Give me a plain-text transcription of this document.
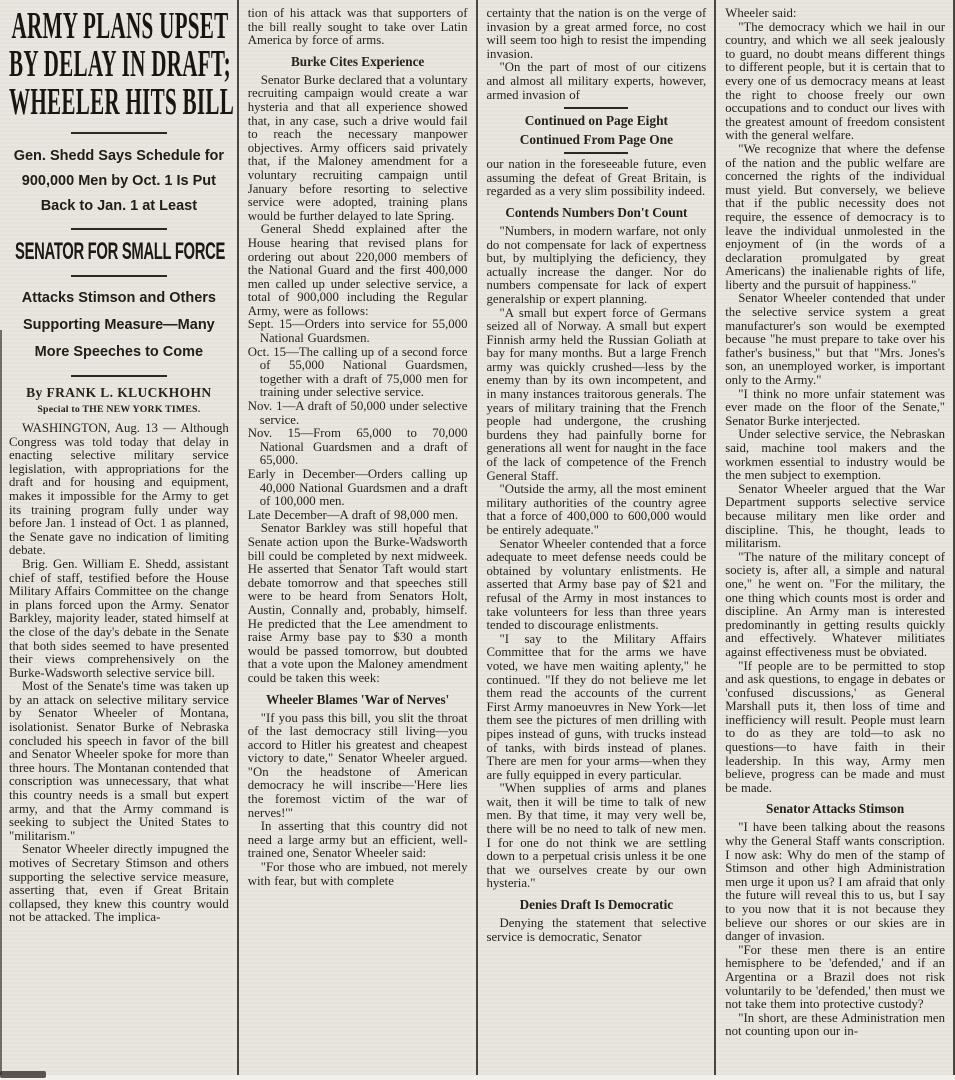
ARMY PLANS UPSET
BY DELAY IN DRAFT;
WHEELER HITS BILL
Gen. Shedd Says Schedule for 900,000 Men by Oct. 1 Is Put Back to Jan. 1 at Least
SENATOR FOR SMALL FORCE
Attacks Stimson and Others Supporting Measure—Many More Speeches to Come
By FRANK L. KLUCKHOHN
Special to THE NEW YORK TIMES.

WASHINGTON, Aug. 13 — Although Congress was told today that delay in enacting selective military service legislation, with appropriations for the draft and for housing and equipment, makes it impossible for the Army to get its training program fully under way before Jan. 1 instead of Oct. 1 as planned, the Senate gave no indication of limiting debate.

Brig. Gen. William E. Shedd, assistant chief of staff, testified before the House Military Affairs Committee on the change in plans forced upon the Army. Senator Barkley, majority leader, stated himself at the close of the day's debate in the Senate that both sides seemed to have presented their views comprehensively on the Burke-Wadsworth selective service bill.

Most of the Senate's time was taken up by an attack on selective military service by Senator Wheeler of Montana, isolationist. Senator Burke of Nebraska concluded his speech in favor of the bill and Senator Wheeler spoke for more than three hours. The Montanan contended that conscription was unnecessary, that what this country needs is a small but expert army, and that the Army command is seeking to subject the United States to "militarism."

Senator Wheeler directly impugned the motives of Secretary Stimson and others supporting the selective service measure, asserting that, even if Great Britain collapsed, they knew this country would not be attacked. The implica-

tion of his attack was that supporters of the bill really sought to take over Latin America by force of arms.

Burke Cites Experience

Senator Burke declared that a voluntary recruiting campaign would create a war hysteria and that all experience showed that, in any case, such a drive would fail to reach the necessary manpower objectives. Army officers said privately that, if the Maloney amendment for a voluntary recruiting campaign until January before resorting to selective service were adopted, training plans would be further delayed to late Spring.

General Shedd explained after the House hearing that revised plans for ordering out about 220,000 members of the National Guard and the first 400,000 men called up under selective service, a total of 900,000 including the Regular Army, were as follows:

Sept. 15—Orders into service for 55,000 National Guardsmen.

Oct. 15—The calling up of a second force of 55,000 National Guardsmen, together with a draft of 75,000 men for training under selective service.

Nov. 1—A draft of 50,000 under selective service.

Nov. 15—From 65,000 to 70,000 National Guardsmen and a draft of 65,000.

Early in December—Orders calling up 40,000 National Guardsmen and a draft of 100,000 men.

Late December—A draft of 98,000 men.

Senator Barkley was still hopeful that Senate action upon the Burke-Wadsworth bill could be completed by next midweek. He asserted that Senator Taft would start debate tomorrow and that speeches still were to be heard from Senators Holt, Austin, Connally and, probably, himself. He predicted that the Lee amendment to raise Army base pay to $30 a month would be passed tomorrow, but doubted that a vote upon the Maloney amendment could be taken this week:

Wheeler Blames 'War of Nerves'

"If you pass this bill, you slit the throat of the last democracy still living—you accord to Hitler his greatest and cheapest victory to date," Senator Wheeler argued. "On the headstone of American democracy he will inscribe—'Here lies the foremost victim of the war of nerves!'"

In asserting that this country did not need a large army but an efficient, well-trained one, Senator Wheeler said:

"For those who are imbued, not merely with fear, but with complete

certainty that the nation is on the verge of invasion by a great armed force, no cost will seem too high to resist the impending invasion.

"On the part of most of our citizens and almost all military experts, however, armed invasion of

Continued on Page Eight
Continued From Page One

our nation in the foreseeable future, even assuming the defeat of Great Britain, is regarded as a very slim possibility indeed.

Contends Numbers Don't Count

"Numbers, in modern warfare, not only do not compensate for lack of expertness but, by multiplying the deficiency, they actually increase the danger. Nor do numbers compensate for lack of expert generalship or expert planning.

"A small but expert force of Germans seized all of Norway. A small but expert Finnish army held the Russian Goliath at bay for many months. But a large French army was quickly crushed—less by the enemy than by its own incompetent, and in many instances traitorous generals. The years of military training that the French people had undergone, the crushing burdens they had painfully borne for generations all went for naught in the face of the lack of competence of the French General Staff.

"Outside the army, all the most eminent military authorities of the country agree that a force of 400,000 to 600,000 would be entirely adequate."

Senator Wheeler contended that a force adequate to meet defense needs could be obtained by voluntary enlistments. He asserted that Army base pay of $21 and refusal of the Army in most instances to take volunteers for less than three years tended to discourage enlistments.

"I say to the Military Affairs Committee that for the arms we have voted, we have men waiting aplenty," he continued. "If they do not believe me let them read the accounts of the current First Army manoeuvres in New York—let them see the pictures of men drilling with pipes instead of guns, with trucks instead of tanks, with birds instead of planes. There are men for your arms—when they are fully equipped in every particular.

"When supplies of arms and planes wait, then it will be time to talk of new men. By that time, it may very well be, there will be no need to talk of new men. I for one do not think we are settling down to a perpetual crisis unless it be one that we ourselves create by our own hysteria."

Denies Draft Is Democratic

Denying the statement that selective service is democratic, Senator

Wheeler said:

"The democracy which we hail in our country, and which we all seek jealously to guard, no doubt means different things to different people, but it is certain that to every one of us democracy means at least the right to choose freely our own occupations and to conduct our lives with the greatest amount of freedom consistent with the general welfare.

"We recognize that where the defense of the nation and the public welfare are concerned the rights of the individual must yield. But conversely, we believe that if the public necessity does not require, the essence of democracy is to leave the individual unmolested in the enjoyment of (in the words of a declaration promulgated by great Americans) the inalienable rights of life, liberty and the pursuit of happiness."

Senator Wheeler contended that under the selective service system a great manufacturer's son would be exempted because "he must prepare to take over his father's business," but that "Mrs. Jones's son, an unemployed worker, is important only to the Army."

"I think no more unfair statement was ever made on the floor of the Senate," Senator Burke interjected.

Under selective service, the Nebraskan said, machine tool makers and the workmen essential to industry would be the men subject to exemption.

Senator Wheeler argued that the War Department supports selective service because military men like order and discipline. This, he thought, leads to militarism.

"The nature of the military concept of society is, after all, a simple and natural one," he went on. "For the military, the one thing which counts most is order and discipline. An Army man is interested predominantly in getting results quickly and effectively. Whatever militiates against effectiveness must be obviated.

"If people are to be permitted to stop and ask questions, to engage in debates or 'confused discussions,' as General Marshall puts it, then loss of time and inefficiency will result. People must learn to do as they are told—to ask no questions—to have faith in their leadership. In this way, Army men believe, progress can be made and must be made.

Senator Attacks Stimson

"I have been talking about the reasons why the General Staff wants conscription. I now ask: Why do men of the stamp of Stimson and other high Administration men urge it upon us? I am afraid that only the future will reveal this to us, but I say to you now that it is not because they believe our shores or our skies are in danger of invasion.

"For these men there is an entire hemisphere to be 'defended,' and if an Argentina or a Brazil does not risk voluntarily to be 'defended,' then must we not take them into protective custody?

"In short, are these Administration men not counting upon our in-
